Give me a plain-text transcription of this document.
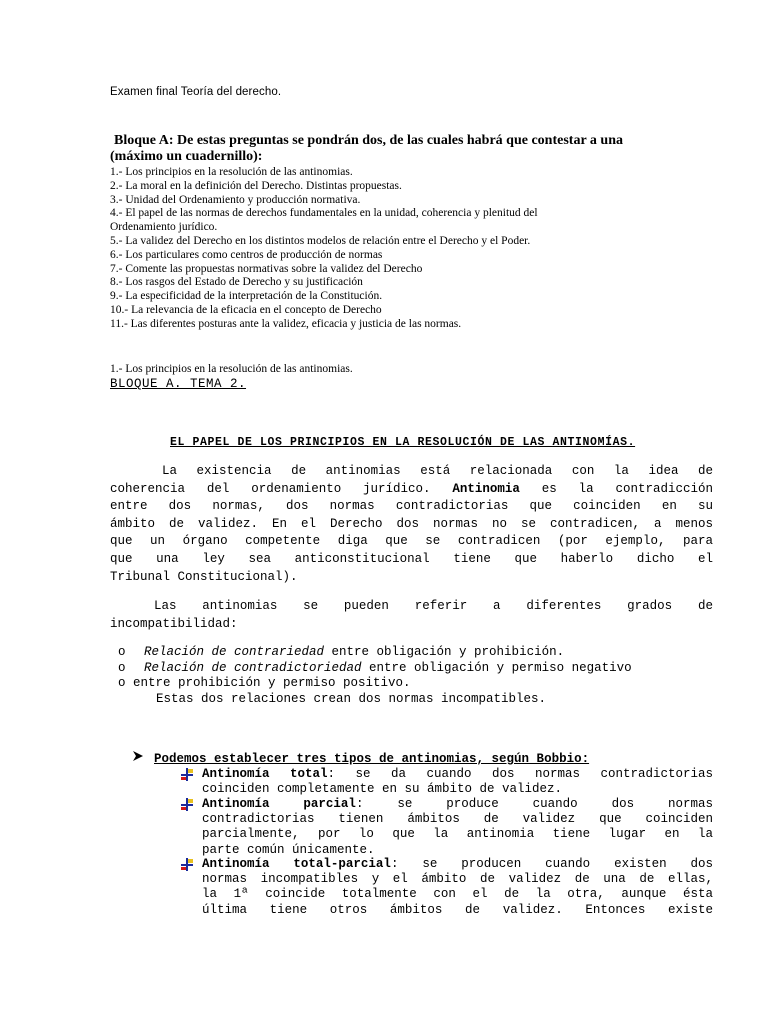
Examen final Teoría del derecho.
Bloque A: De estas preguntas se pondrán dos, de las cuales habrá que contestar a una
(máximo un cuadernillo):
1.- Los principios en la resolución de las antinomias.
2.- La moral en la definición del Derecho. Distintas propuestas.
3.- Unidad del Ordenamiento y producción normativa.
4.- El papel de las normas de derechos fundamentales en la unidad, coherencia y plenitud del
Ordenamiento jurídico.
5.- La validez del Derecho en los distintos modelos de relación entre el Derecho y el Poder.
6.- Los particulares como centros de producción de normas
7.- Comente las propuestas normativas sobre la validez del Derecho
8.- Los rasgos del Estado de Derecho y su justificación
9.- La especificidad de la interpretación de la Constitución.
10.- La relevancia de la eficacia en el concepto de Derecho
11.- Las diferentes posturas ante la validez, eficacia y justicia de las normas.
1.- Los principios en la resolución de las antinomias.
BLOQUE A. TEMA 2.
EL PAPEL DE LOS PRINCIPIOS EN LA RESOLUCIÓN DE LAS ANTINOMÍAS.
La existencia de antinomias está relacionada con la idea de
coherencia del ordenamiento jurídico. Antinomia es la contradicción
entre dos normas, dos normas contradictorias que coinciden en su
ámbito de validez. En el Derecho dos normas no se contradicen, a menos
que un órgano competente diga que se contradicen (por ejemplo, para
que una ley sea anticonstitucional tiene que haberlo dicho el
Tribunal Constitucional).
Las antinomias se pueden referir a diferentes grados de
incompatibilidad:
o Relación de contrariedad entre obligación y prohibición.
o Relación de contradictoriedad entre obligación y permiso negativo
o entre prohibición y permiso positivo.
Estas dos relaciones crean dos normas incompatibles.
Podemos establecer tres tipos de antinomias, según Bobbio:
Antinomía total: se da cuando dos normas contradictorias
coinciden completamente en su ámbito de validez.
Antinomía parcial: se produce cuando dos normas
contradictorias tienen ámbitos de validez que coinciden
parcialmente, por lo que la antinomia tiene lugar en la
parte común únicamente.
Antinomía total-parcial: se producen cuando existen dos
normas incompatibles y el ámbito de validez de una de ellas,
la 1ª coincide totalmente con el de la otra, aunque ésta
última tiene otros ámbitos de validez. Entonces existe
